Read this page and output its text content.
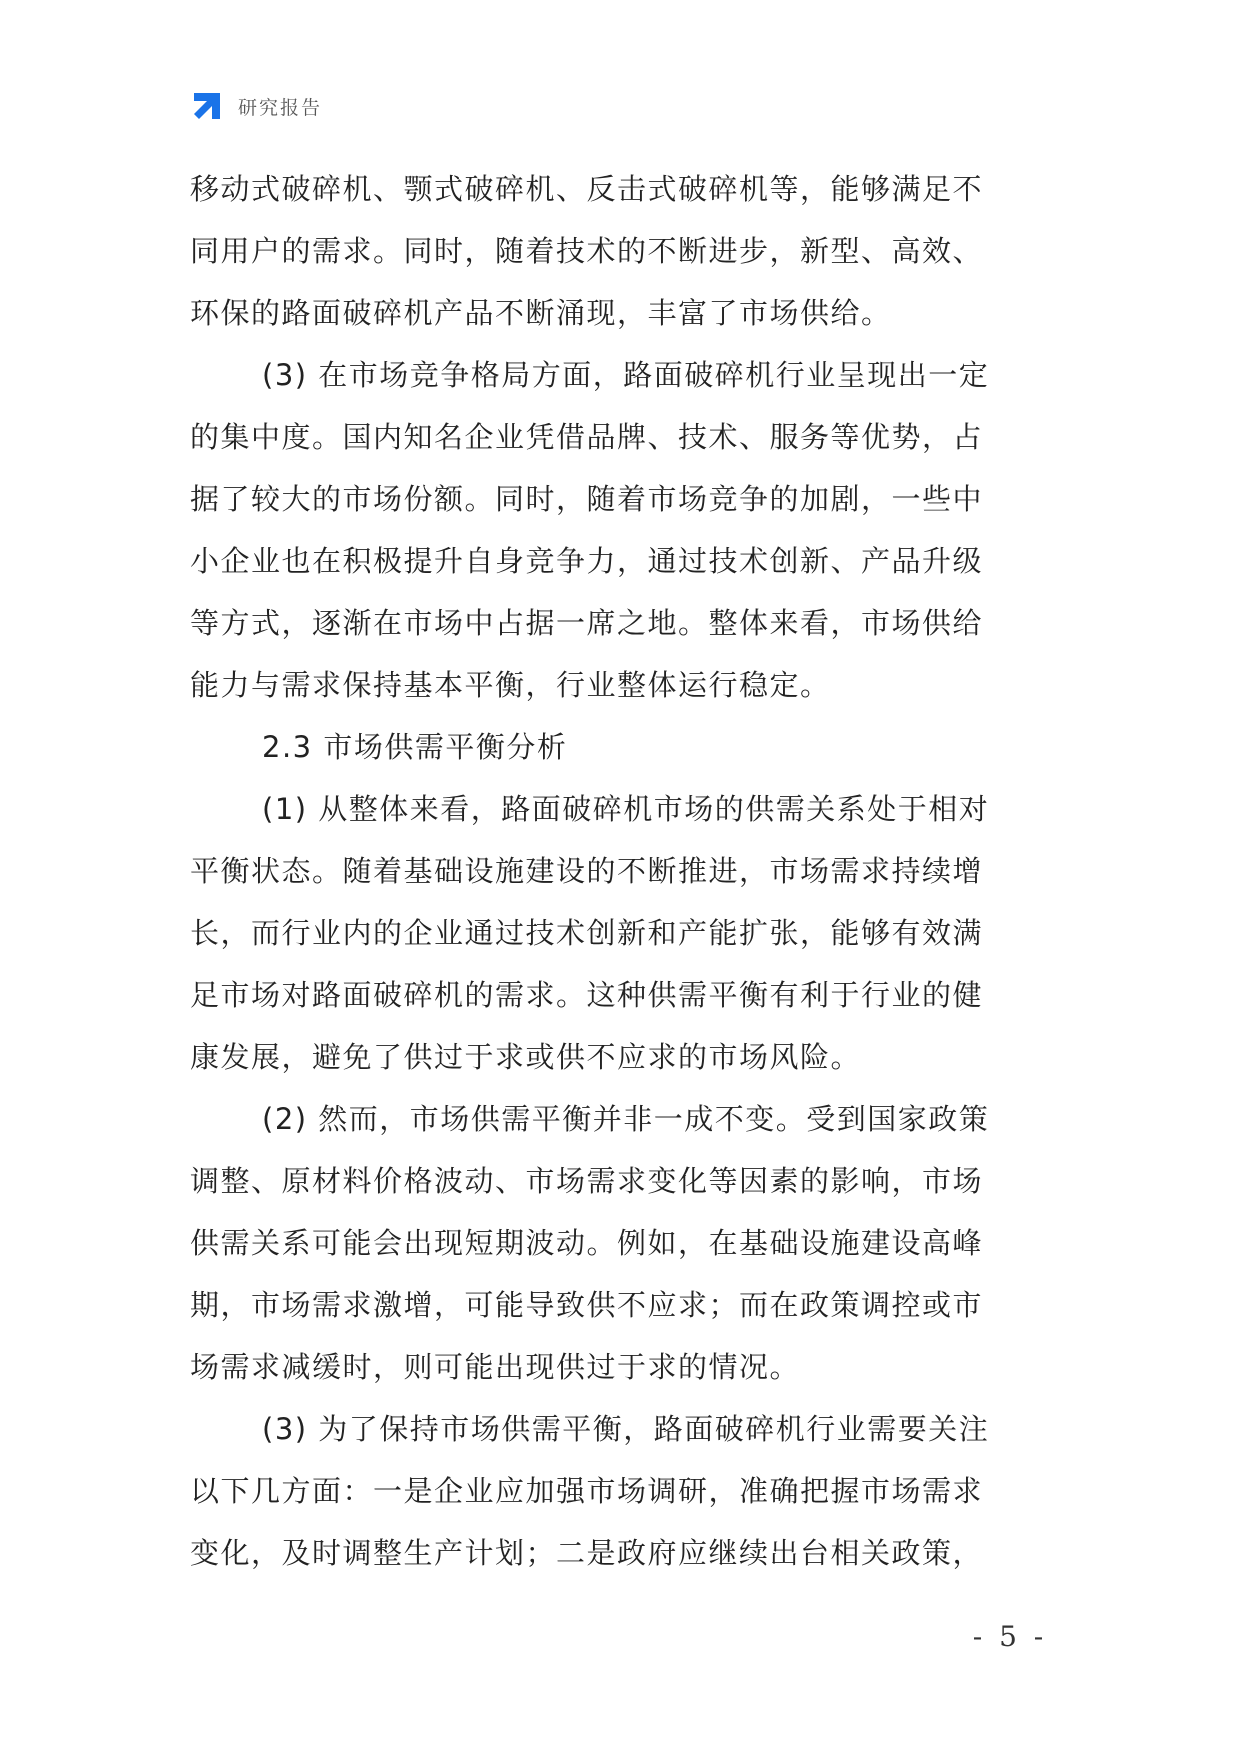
研究报告
移动式破碎机、颚式破碎机、反击式破碎机等，能够满足不
同用户的需求。同时，随着技术的不断进步，新型、高效、
环保的路面破碎机产品不断涌现，丰富了市场供给。
(3) 在市场竞争格局方面，路面破碎机行业呈现出一定
的集中度。国内知名企业凭借品牌、技术、服务等优势，占
据了较大的市场份额。同时，随着市场竞争的加剧，一些中
小企业也在积极提升自身竞争力，通过技术创新、产品升级
等方式，逐渐在市场中占据一席之地。整体来看，市场供给
能力与需求保持基本平衡，行业整体运行稳定。
2.3 市场供需平衡分析
(1) 从整体来看，路面破碎机市场的供需关系处于相对
平衡状态。随着基础设施建设的不断推进，市场需求持续增
长，而行业内的企业通过技术创新和产能扩张，能够有效满
足市场对路面破碎机的需求。这种供需平衡有利于行业的健
康发展，避免了供过于求或供不应求的市场风险。
(2) 然而，市场供需平衡并非一成不变。受到国家政策
调整、原材料价格波动、市场需求变化等因素的影响，市场
供需关系可能会出现短期波动。例如，在基础设施建设高峰
期，市场需求激增，可能导致供不应求；而在政策调控或市
场需求减缓时，则可能出现供过于求的情况。
(3) 为了保持市场供需平衡，路面破碎机行业需要关注
以下几方面：一是企业应加强市场调研，准确把握市场需求
变化，及时调整生产计划；二是政府应继续出台相关政策，
- 5 -
